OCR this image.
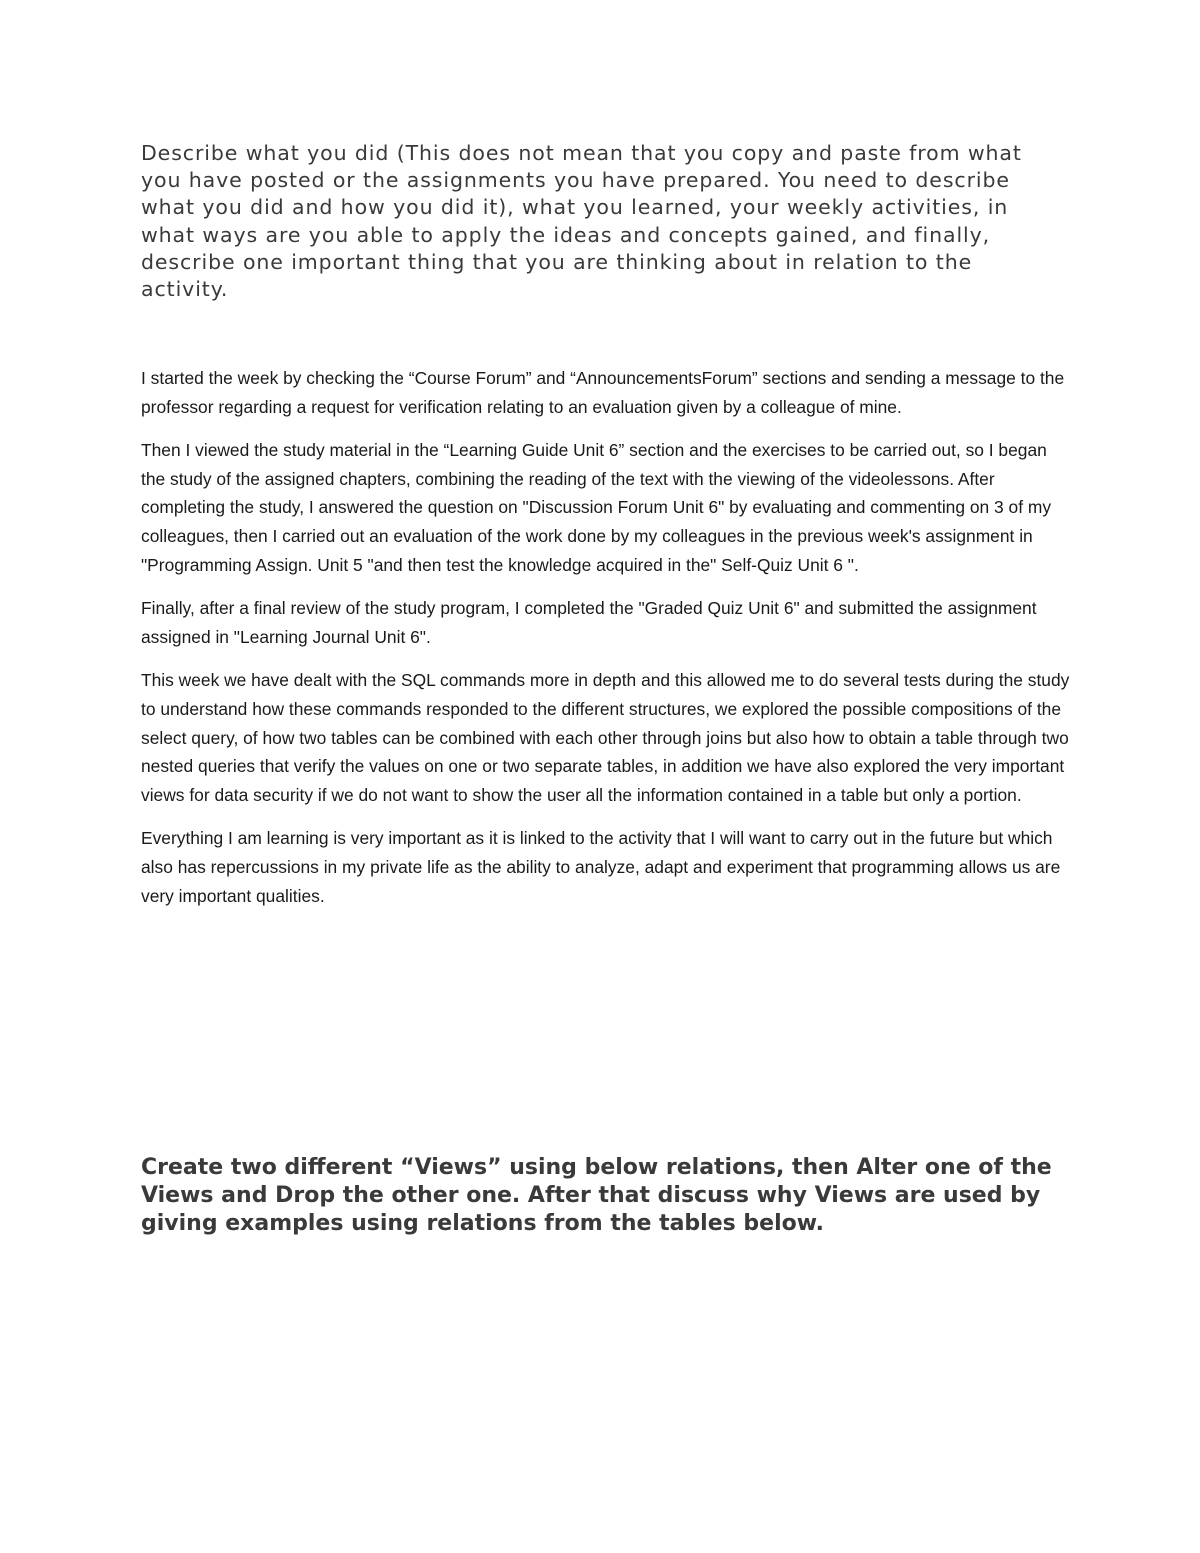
Describe what you did (This does not mean that you copy and paste from what you have posted or the assignments you have prepared. You need to describe what you did and how you did it), what you learned, your weekly activities, in what ways are you able to apply the ideas and concepts gained, and finally, describe one important thing that you are thinking about in relation to the activity.

I started the week by checking the “Course Forum” and “AnnouncementsForum” sections and sending a message to the professor regarding a request for verification relating to an evaluation given by a colleague of mine.

Then I viewed the study material in the “Learning Guide Unit 6” section and the exercises to be carried out, so I began the study of the assigned chapters, combining the reading of the text with the viewing of the videolessons. After completing the study, I answered the question on "Discussion Forum Unit 6" by evaluating and commenting on 3 of my colleagues, then I carried out an evaluation of the work done by my colleagues in the previous week's assignment in "Programming Assign. Unit 5 "and then test the knowledge acquired in the" Self-Quiz Unit 6 ".

Finally, after a final review of the study program, I completed the "Graded Quiz Unit 6" and submitted the assignment assigned in "Learning Journal Unit 6".

This week we have dealt with the SQL commands more in depth and this allowed me to do several tests during the study to understand how these commands responded to the different structures, we explored the possible compositions of the select query, of how two tables can be combined with each other through joins but also how to obtain a table through two nested queries that verify the values on one or two separate tables, in addition we have also explored the very important views for data security if we do not want to show the user all the information contained in a table but only a portion.

Everything I am learning is very important as it is linked to the activity that I will want to carry out in the future but which also has repercussions in my private life as the ability to analyze, adapt and experiment that programming allows us are very important qualities.

Create two different “Views” using below relations, then Alter one of the Views and Drop the other one. After that discuss why Views are used by giving examples using relations from the tables below.
